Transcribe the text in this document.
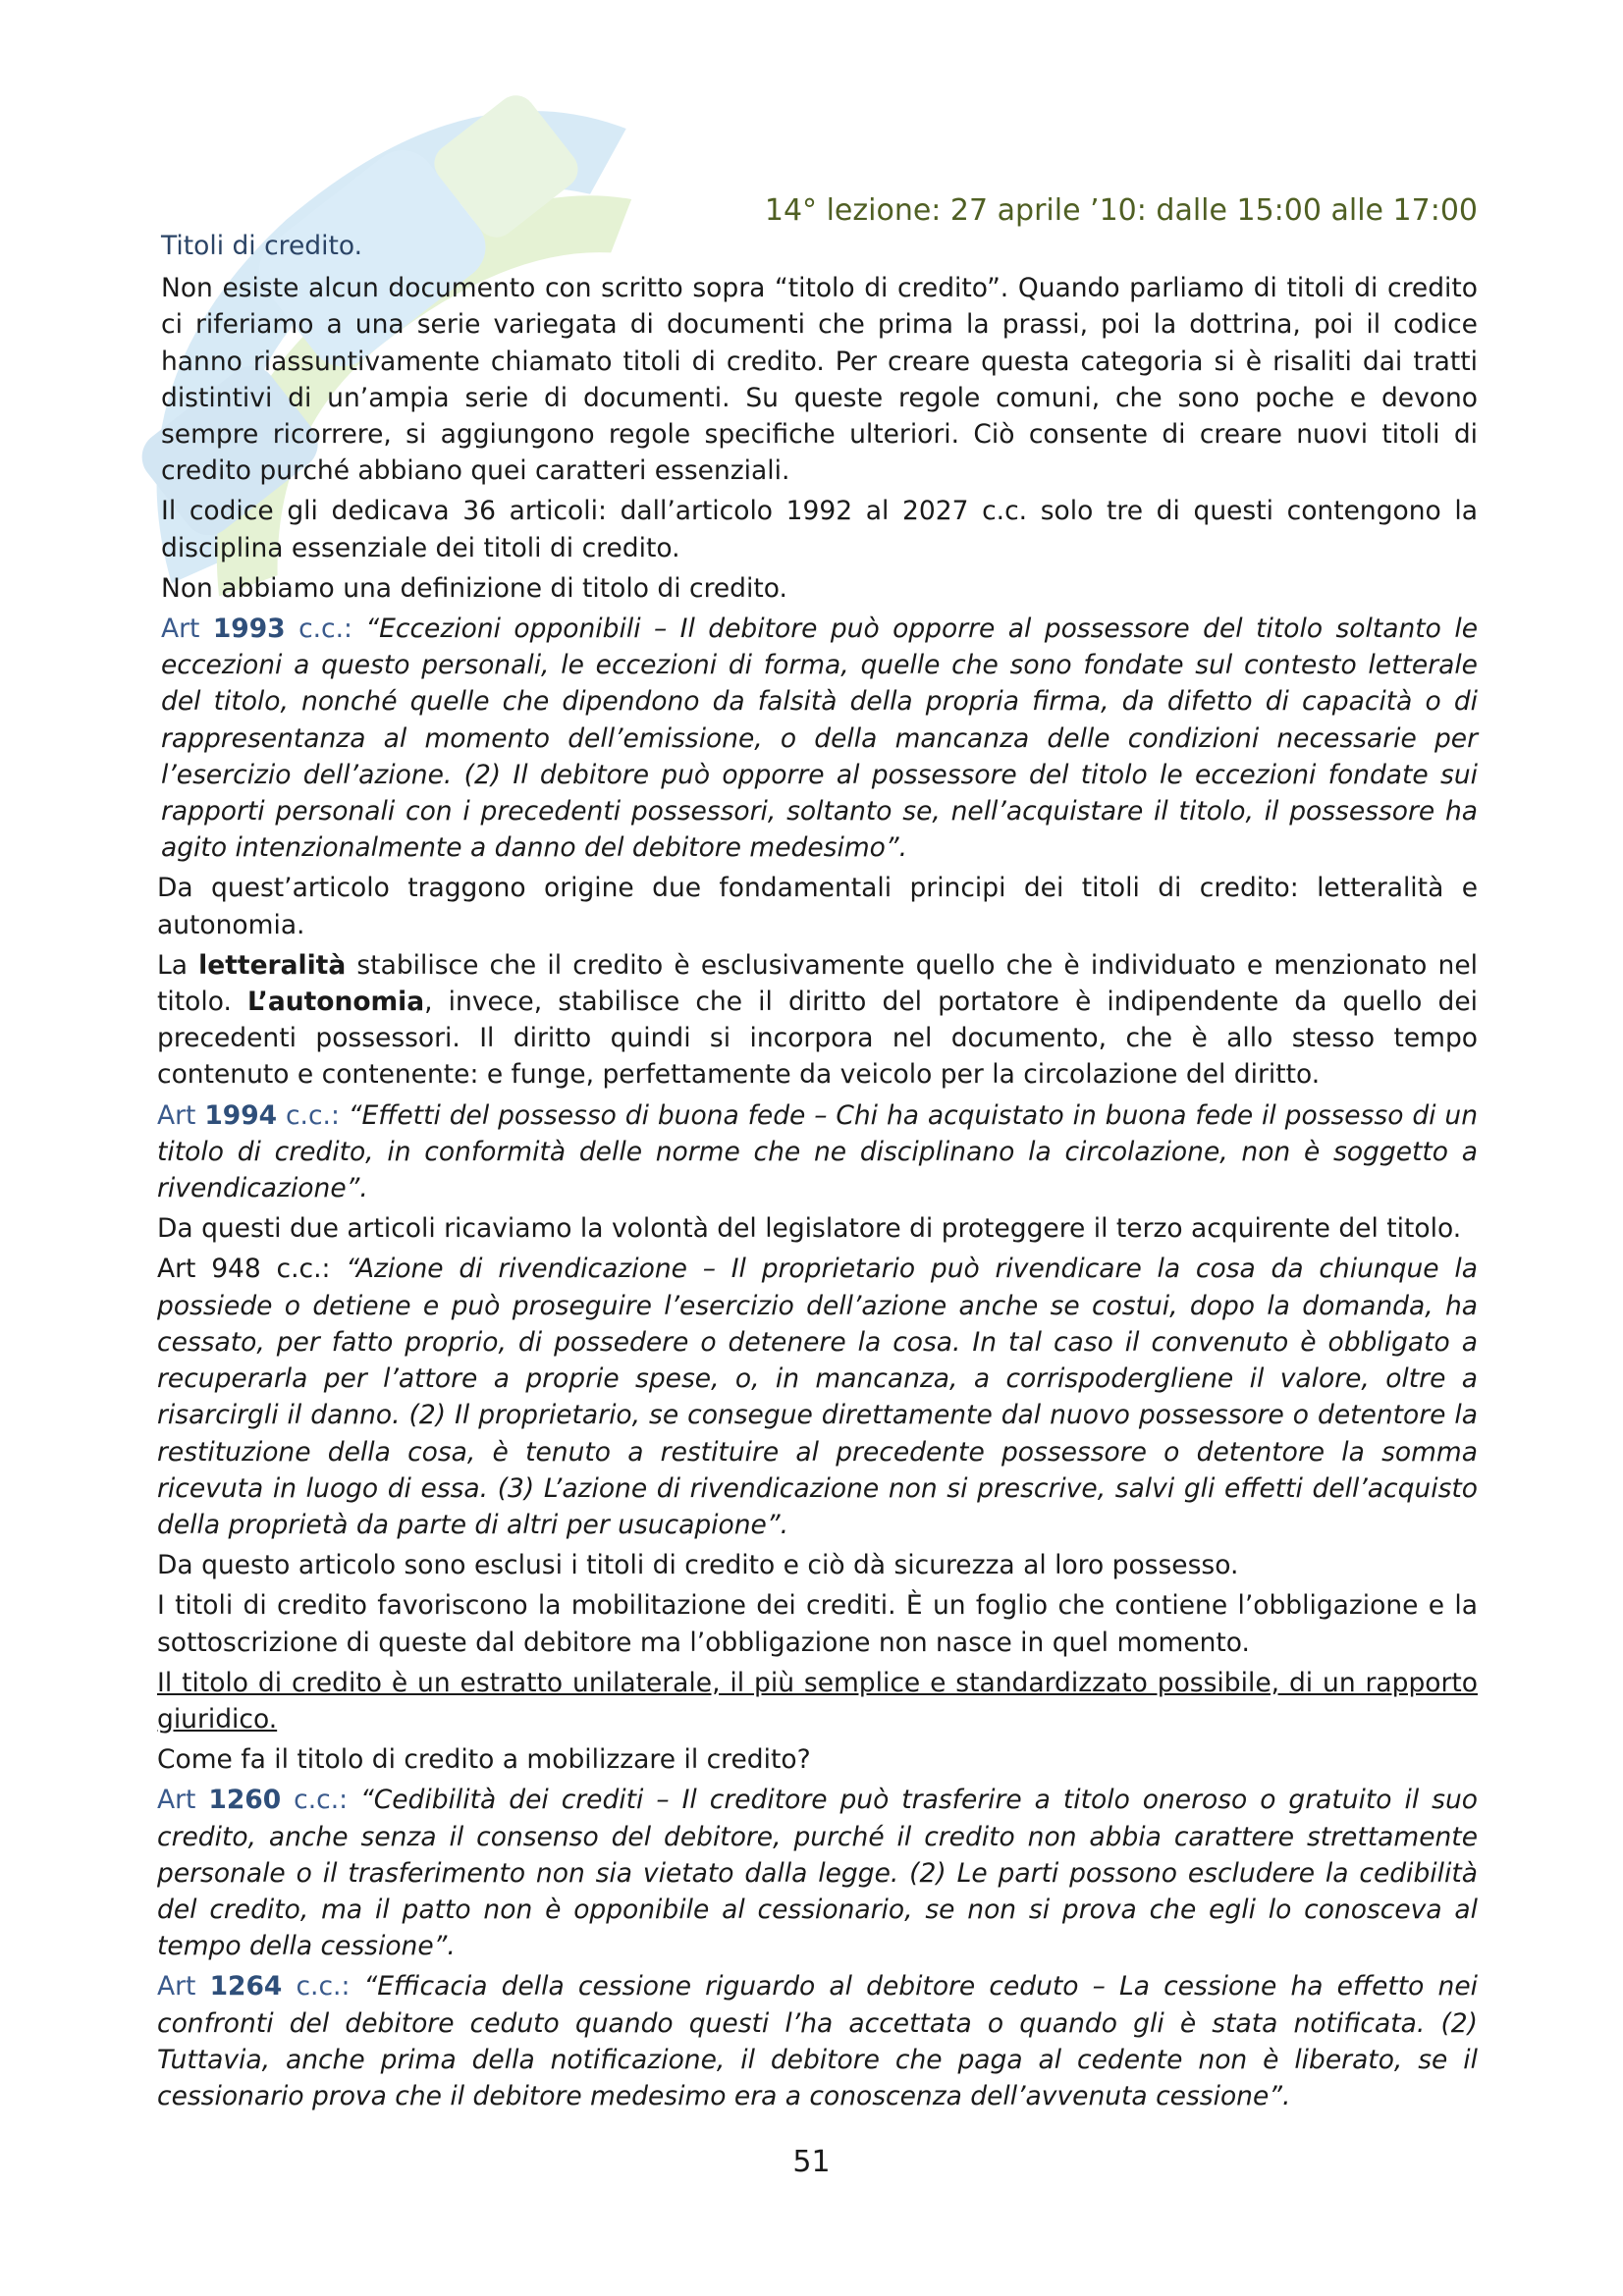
14° lezione: 27 aprile ’10: dalle 15:00 alle 17:00
Titoli di credito.

Non esiste alcun documento con scritto sopra “titolo di credito”. Quando parliamo di titoli di credito ci riferiamo a una serie variegata di documenti che prima la prassi, poi la dottrina, poi il codice hanno riassuntivamente chiamato titoli di credito. Per creare questa categoria si è risaliti dai tratti distintivi di un’ampia serie di documenti. Su queste regole comuni, che sono poche e devono sempre ricorrere, si aggiungono regole specifiche ulteriori. Ciò consente di creare nuovi titoli di credito purché abbiano quei caratteri essenziali.

Il codice gli dedicava 36 articoli: dall’articolo 1992 al 2027 c.c. solo tre di questi contengono la disciplina essenziale dei titoli di credito.

Non abbiamo una definizione di titolo di credito.

Art 1993 c.c.: “Eccezioni opponibili – Il debitore può opporre al possessore del titolo soltanto le eccezioni a questo personali, le eccezioni di forma, quelle che sono fondate sul contesto letterale del titolo, nonché quelle che dipendono da falsità della propria firma, da difetto di capacità o di rappresentanza al momento dell’emissione, o della mancanza delle condizioni necessarie per l’esercizio dell’azione. (2) Il debitore può opporre al possessore del titolo le eccezioni fondate sui rapporti personali con i precedenti possessori, soltanto se, nell’acquistare il titolo, il possessore ha agito intenzionalmente a danno del debitore medesimo”.

Da quest’articolo traggono origine due fondamentali principi dei titoli di credito: letteralità e autonomia.

La letteralità stabilisce che il credito è esclusivamente quello che è individuato e menzionato nel titolo. L’autonomia, invece, stabilisce che il diritto del portatore è indipendente da quello dei precedenti possessori. Il diritto quindi si incorpora nel documento, che è allo stesso tempo contenuto e contenente: e funge, perfettamente da veicolo per la circolazione del diritto.

Art 1994 c.c.: “Effetti del possesso di buona fede – Chi ha acquistato in buona fede il possesso di un titolo di credito, in conformità delle norme che ne disciplinano la circolazione, non è soggetto a rivendicazione”.

Da questi due articoli ricaviamo la volontà del legislatore di proteggere il terzo acquirente del titolo.

Art 948 c.c.: “Azione di rivendicazione – Il proprietario può rivendicare la cosa da chiunque la possiede o detiene e può proseguire l’esercizio dell’azione anche se costui, dopo la domanda, ha cessato, per fatto proprio, di possedere o detenere la cosa. In tal caso il convenuto è obbligato a recuperarla per l’attore a proprie spese, o, in mancanza, a corrispodergliene il valore, oltre a risarcirgli il danno. (2) Il proprietario, se consegue direttamente dal nuovo possessore o detentore la restituzione della cosa, è tenuto a restituire al precedente possessore o detentore la somma ricevuta in luogo di essa. (3) L’azione di rivendicazione non si prescrive, salvi gli effetti dell’acquisto della proprietà da parte di altri per usucapione”.

Da questo articolo sono esclusi i titoli di credito e ciò dà sicurezza al loro possesso.

I titoli di credito favoriscono la mobilitazione dei crediti. È un foglio che contiene l’obbligazione e la sottoscrizione di queste dal debitore ma l’obbligazione non nasce in quel momento.

Il titolo di credito è un estratto unilaterale, il più semplice e standardizzato possibile, di un rapporto giuridico.

Come fa il titolo di credito a mobilizzare il credito?

Art 1260 c.c.: “Cedibilità dei crediti – Il creditore può trasferire a titolo oneroso o gratuito il suo credito, anche senza il consenso del debitore, purché il credito non abbia carattere strettamente personale o il trasferimento non sia vietato dalla legge. (2) Le parti possono escludere la cedibilità del credito, ma il patto non è opponibile al cessionario, se non si prova che egli lo conosceva al tempo della cessione”.

Art 1264 c.c.: “Efficacia della cessione riguardo al debitore ceduto – La cessione ha effetto nei confronti del debitore ceduto quando questi l’ha accettata o quando gli è stata notificata. (2) Tuttavia, anche prima della notificazione, il debitore che paga al cedente non è liberato, se il cessionario prova che il debitore medesimo era a conoscenza dell’avvenuta cessione”.

51
